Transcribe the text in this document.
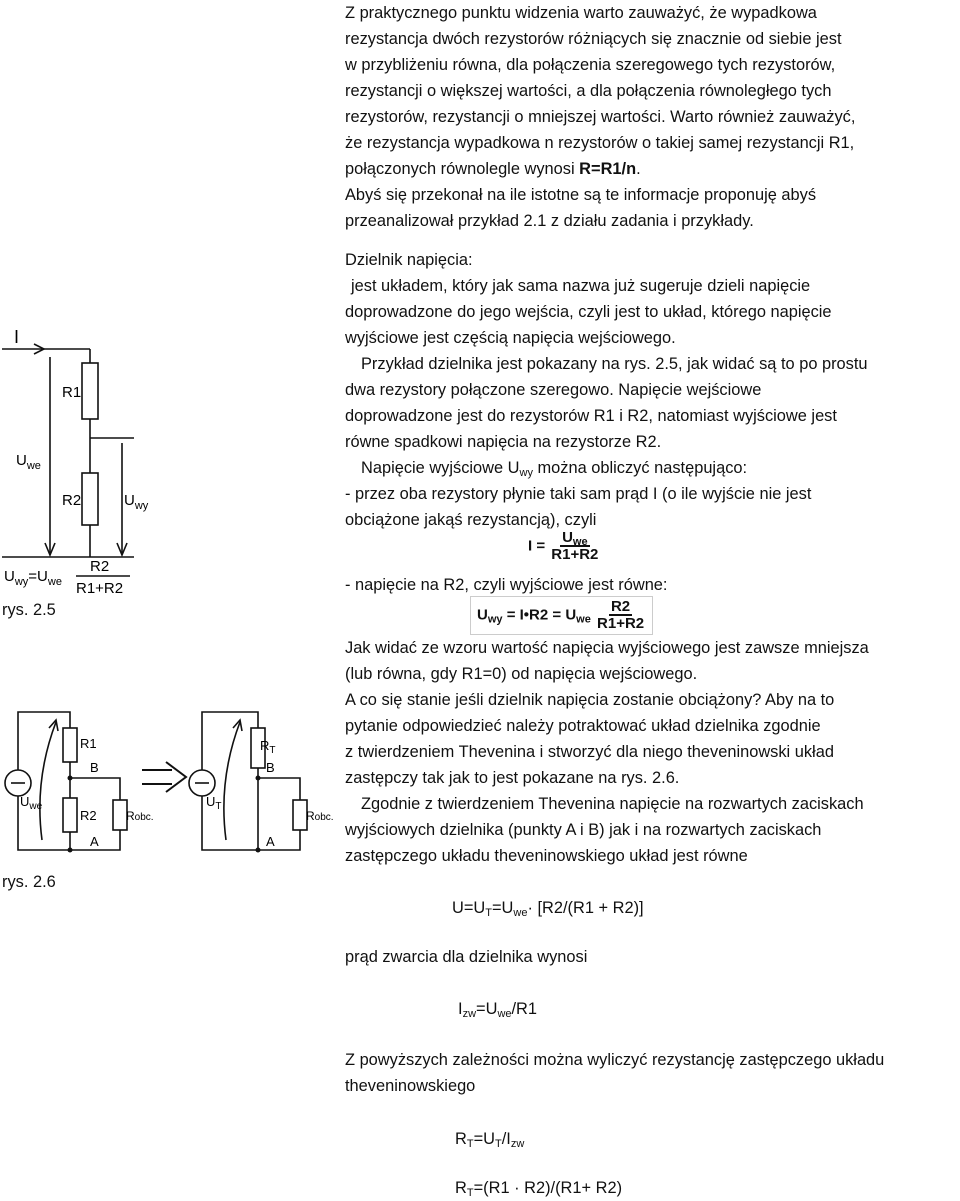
Z praktycznego punktu widzenia warto zauważyć, że wypadkowa

rezystancja dwóch rezystorów różniących się znacznie od siebie jest

w przybliżeniu równa, dla połączenia szeregowego tych rezystorów,

rezystancji o większej wartości, a dla połączenia równoległego tych

rezystorów, rezystancji o mniejszej wartości. Warto również zauważyć,

że rezystancja wypadkowa n rezystorów o takiej samej rezystancji R1,

połączonych równolegle wynosi R=R1/n.

Abyś się przekonał na ile istotne są te informacje proponuję abyś

przeanalizował przykład 2.1 z działu zadania i przykłady.

Dzielnik napięcia:

jest układem, który jak sama nazwa już sugeruje dzieli napięcie

doprowadzone do jego wejścia, czyli jest to układ, którego napięcie

wyjściowe jest częścią napięcia wejściowego.

Przykład dzielnika jest pokazany na rys. 2.5, jak widać są to po prostu

dwa rezystory połączone szeregowo. Napięcie wejściowe

doprowadzone jest do rezystorów R1 i R2, natomiast wyjściowe jest

równe spadkowi napięcia na rezystorze R2.

Napięcie wyjściowe $U_{wy}$ można obliczyć następująco:

- przez oba rezystory płynie taki sam prąd I (o ile wyjście nie jest

obciążone jakąś rezystancją), czyli

$I = \frac{U_{we}}{R1+R2}$

- napięcie na R2, czyli wyjściowe jest równe:

$U_{wy}$ = I•R2 = $U_{we} \frac{R2}{R1+R2}$

Jak widać ze wzoru wartość napięcia wyjściowego jest zawsze mniejsza

(lub równa, gdy R1=0) od napięcia wejściowego.

A co się stanie jeśli dzielnik napięcia zostanie obciążony? Aby na to

pytanie odpowiedzieć należy potraktować układ dzielnika zgodnie

z twierdzeniem Thevenina i stworzyć dla niego theveninowski układ

zastępczy tak jak to jest pokazane na rys. 2.6.

Zgodnie z twierdzeniem Thevenina napięcie na rozwartych zaciskach

wyjściowych dzielnika (punkty A i B) jak i na rozwartych zaciskach

zastępczego układu theveninowskiego układ jest równe

$U=U_T=U_{we}\cdot [R2/(R1 + R2)]$

prąd zwarcia dla dzielnika wynosi

$I_{zw}=U_{we}/R1$

Z powyższych zależności można wyliczyć rezystancję zastępczego układu

theveninowskiego

$R_T=U_T/I_{zw}$
$R_T=(R1 \cdot R2)/(R1+ R2)$
I
R1
R2
$U_{we}$
$U_{wy}$
$U_{wy}=U_{we}$
R2
R1+R2
rys. 2.5
R1
B
R2
A
Robc.
$U_{we}$
$R_T$
B
A
Robc.
$U_T$
rys. 2.6
